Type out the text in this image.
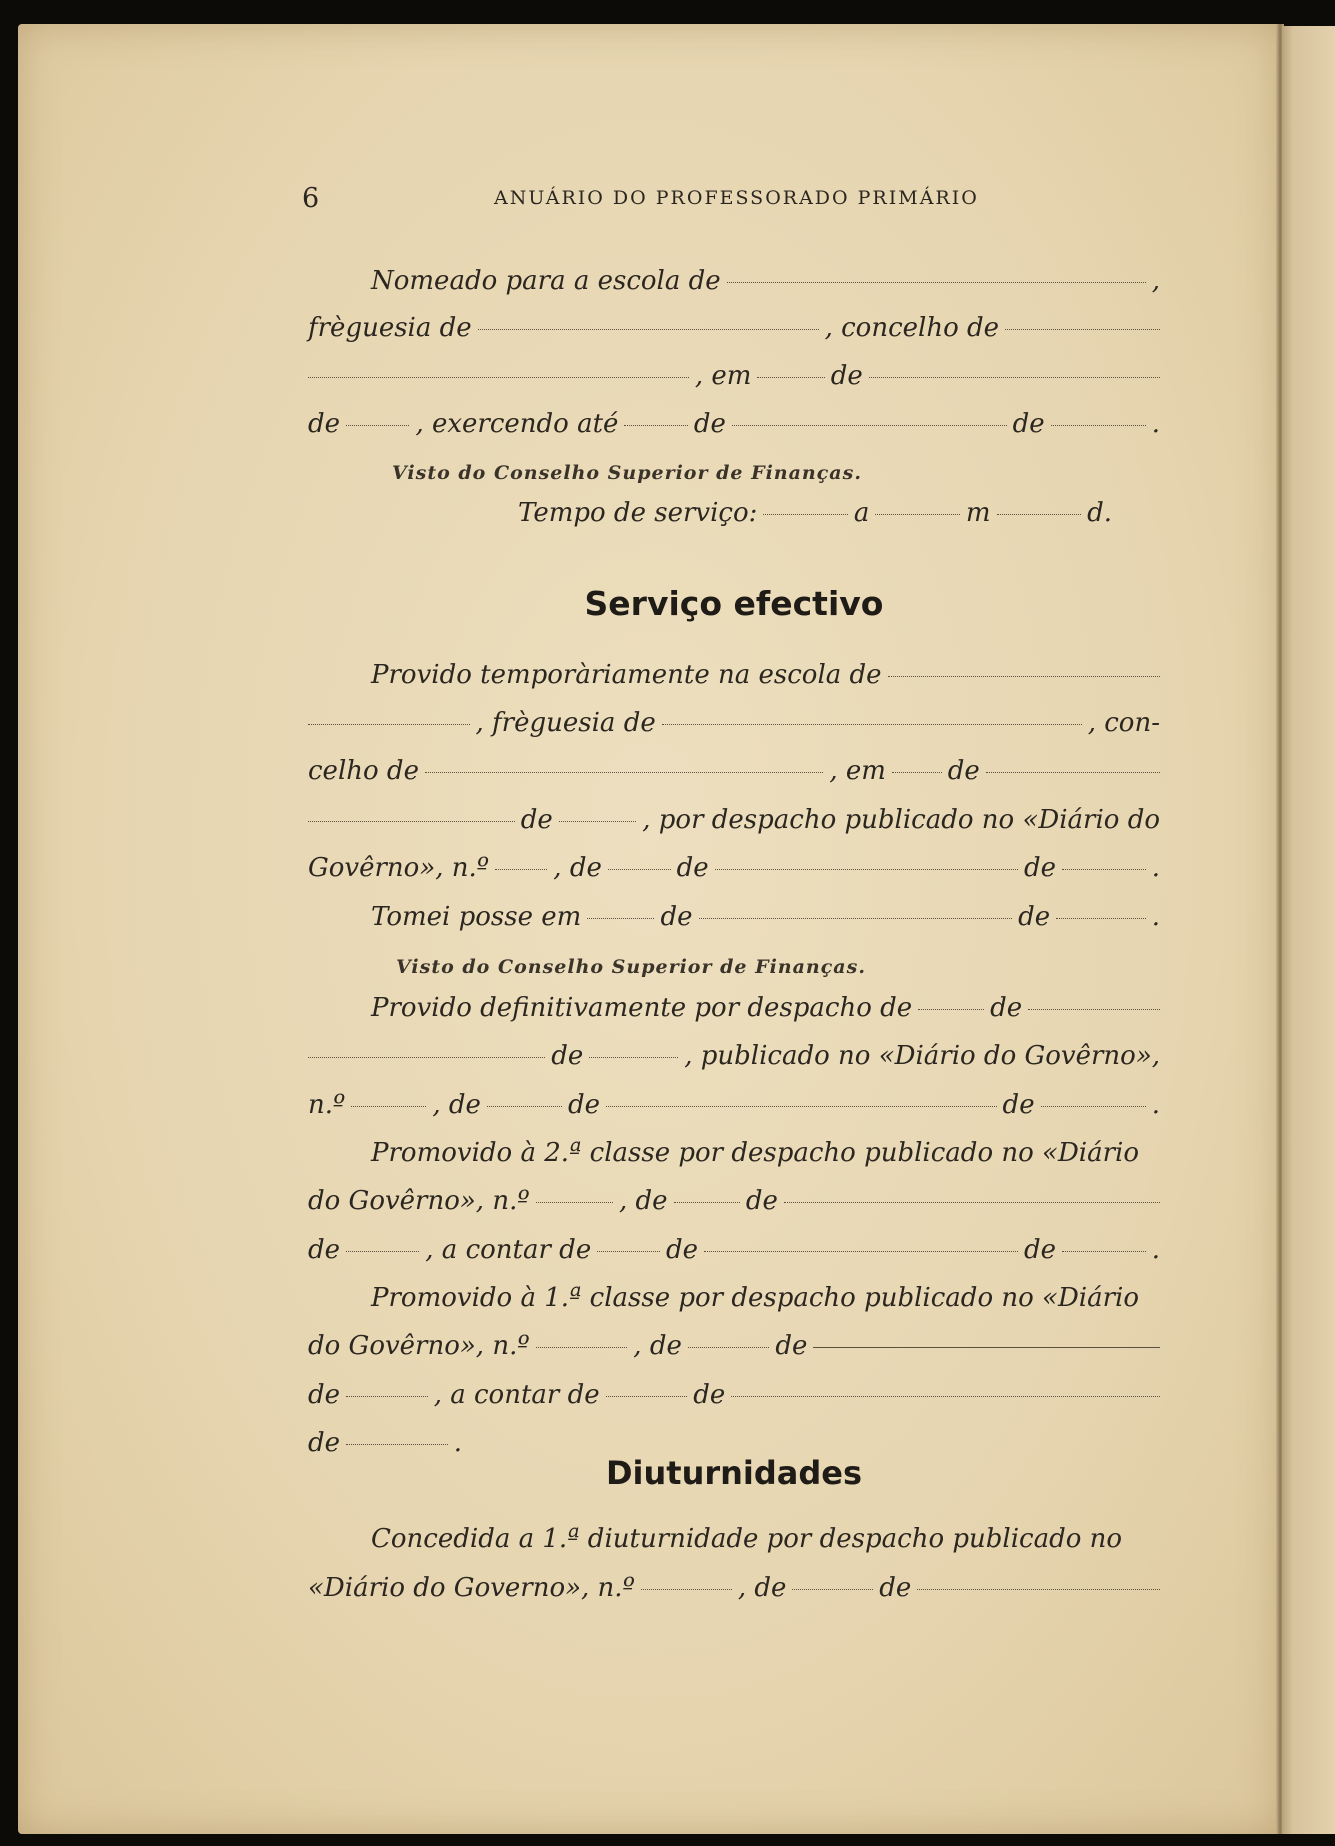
6	ANUÁRIO DO PROFESSORADO PRIMÁRIO
Nomeado para a escola de	,
frèguesia de	, concelho de
, em	de
de	, exercendo até	de	de	.
Visto do Conselho Superior de Finanças.
Tempo de serviço:	a	m	d.
Serviço efectivo
Provido temporàriamente na escola de
, frèguesia de	, con-
celho de	, em de
de	, por despacho publicado no «Diário do
Govêrno», n.º , de	de	de	.
Tomei posse em	de	de	.
Visto do Conselho Superior de Finanças.
Provido definitivamente por despacho de	de
de	, publicado no «Diário do Govêrno»,
n.º	, de	de	de	.
Promovido à 2.ª classe por despacho publicado no «Diário
do Govêrno», n.º	, de	de
de	, a contar de	de	de	.
Promovido à 1.ª classe por despacho publicado no «Diário
do Govêrno», n.º	, de	de
de	, a contar de	de
de	.
Diuturnidades
Concedida a 1.ª diuturnidade por despacho publicado no
«Diário do Governo», n.º	, de	de
